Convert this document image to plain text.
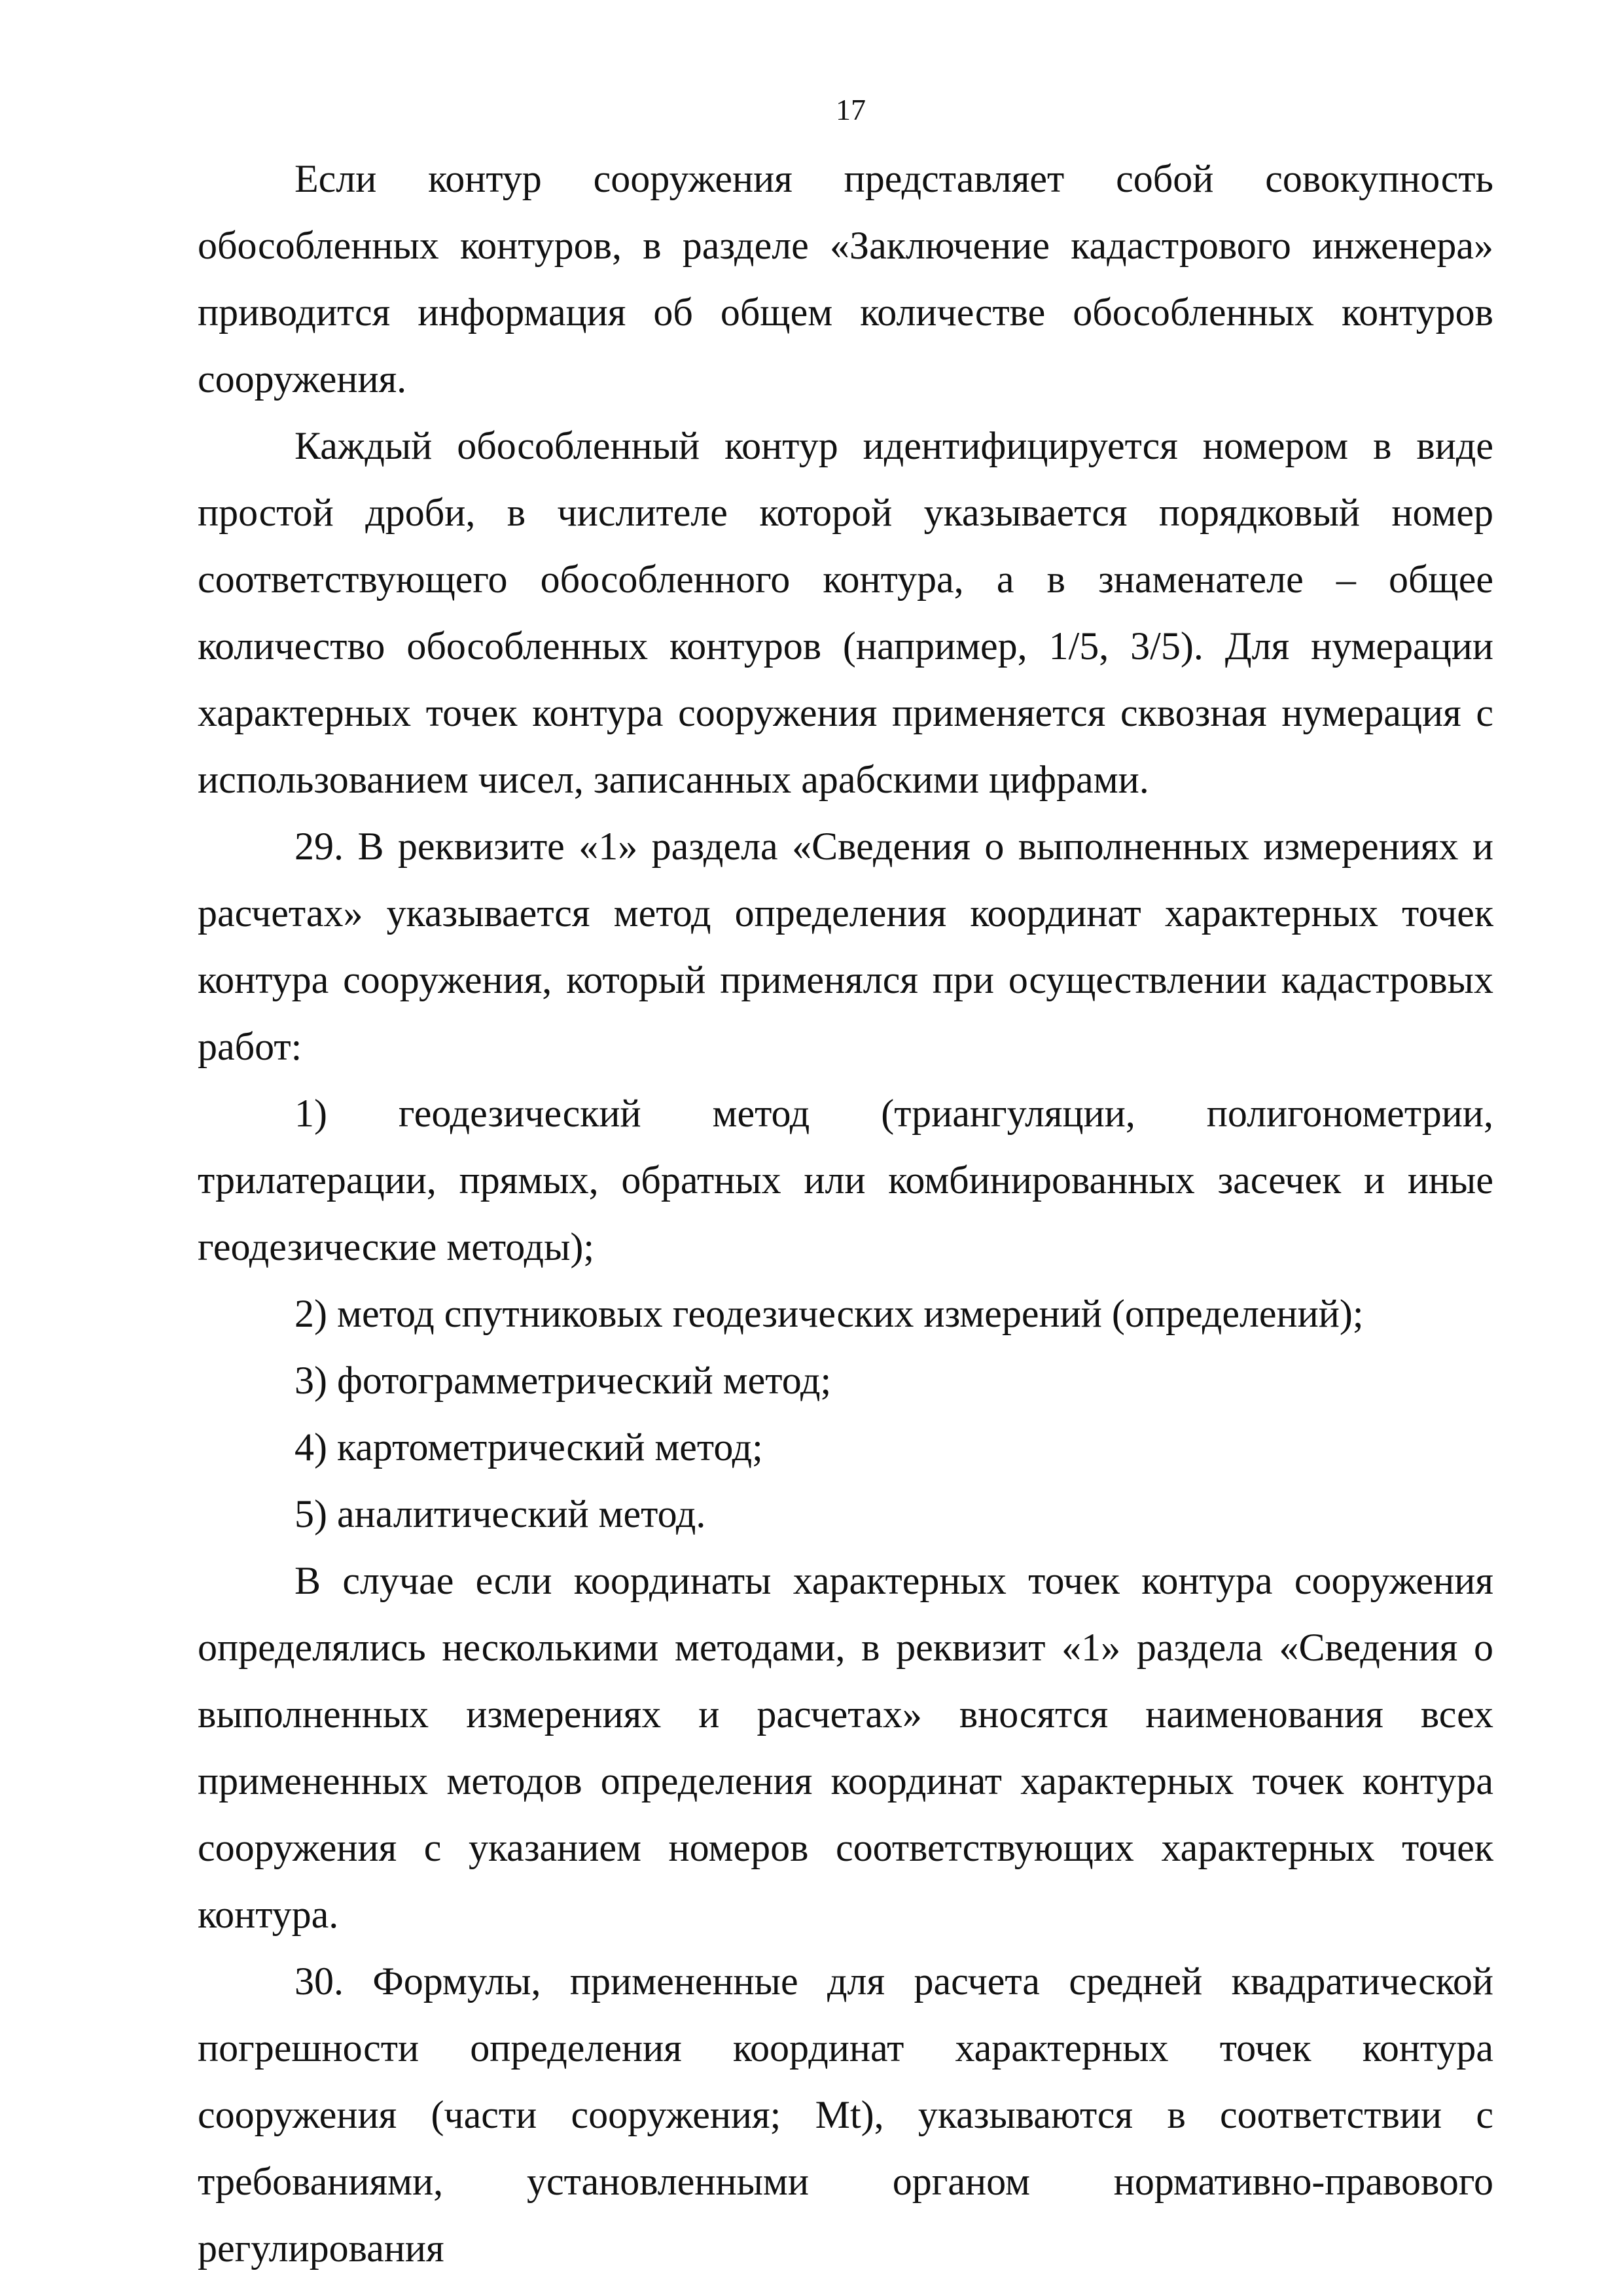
17

Если контур сооружения представляет собой совокупность обособленных контуров, в разделе «Заключение кадастрового инженера» приводится информация об общем количестве обособленных контуров сооружения.

Каждый обособленный контур идентифицируется номером в виде простой дроби, в числителе которой указывается порядковый номер соответствующего обособленного контура, а в знаменателе – общее количество обособленных контуров (например, 1/5, 3/5). Для нумерации характерных точек контура сооружения применяется сквозная нумерация с использованием чисел, записанных арабскими цифрами.

29. В реквизите «1» раздела «Сведения о выполненных измерениях и расчетах» указывается метод определения координат характерных точек контура сооружения, который применялся при осуществлении кадастровых работ:

1) геодезический метод (триангуляции, полигонометрии, трилатерации, прямых, обратных или комбинированных засечек и иные геодезические методы);

2) метод спутниковых геодезических измерений (определений);

3) фотограмметрический метод;

4) картометрический метод;

5) аналитический метод.

В случае если координаты характерных точек контура сооружения определялись несколькими методами, в реквизит «1» раздела «Сведения о выполненных измерениях и расчетах» вносятся наименования всех примененных методов определения координат характерных точек контура сооружения с указанием номеров соответствующих характерных точек контура.

30. Формулы, примененные для расчета средней квадратической погрешности определения координат характерных точек контура сооружения (части сооружения; Mt), указываются в соответствии с требованиями, установленными органом нормативно-правового регулирования
